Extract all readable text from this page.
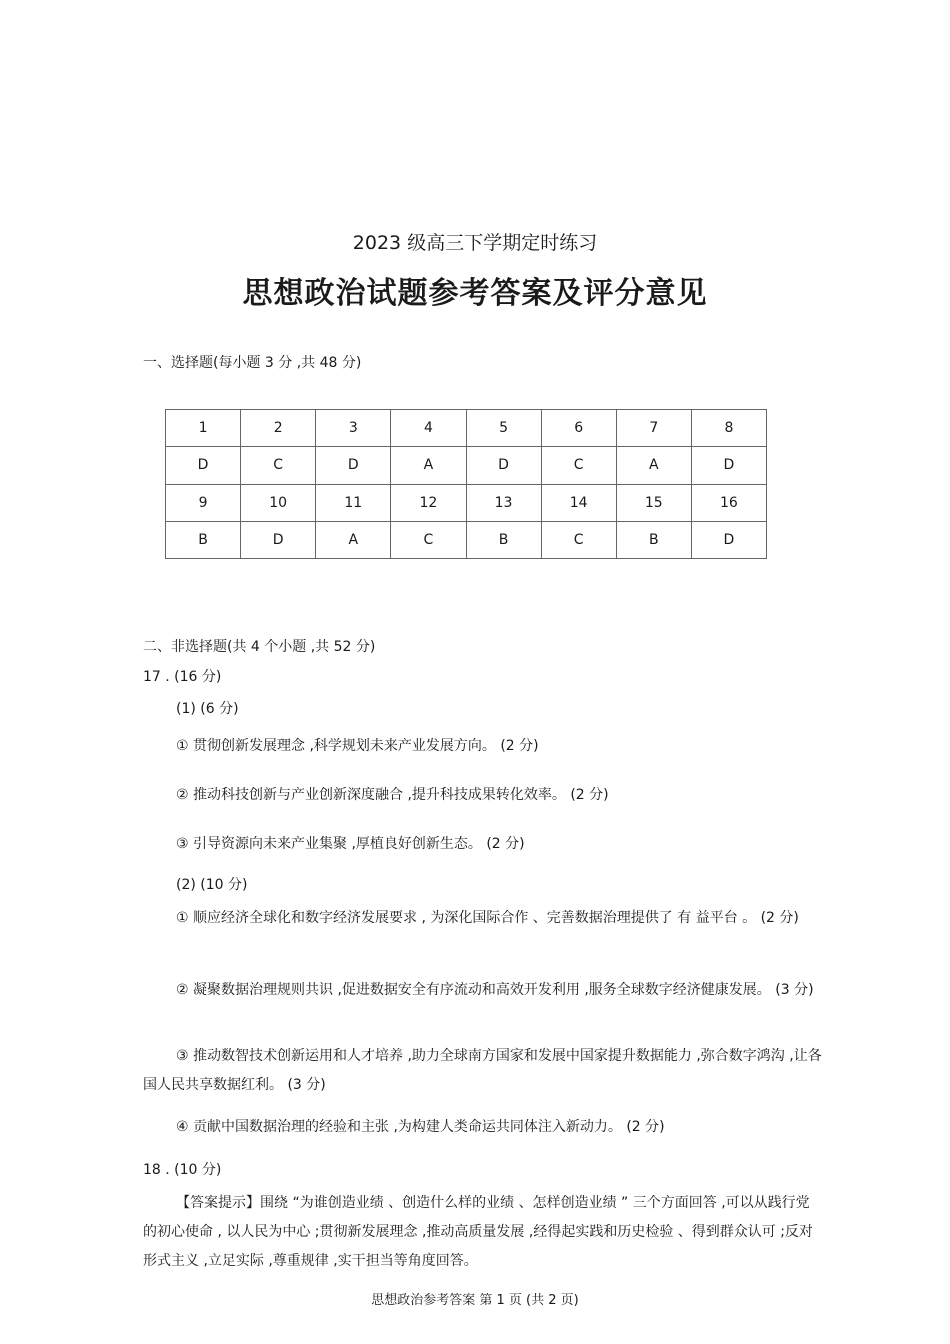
2023 级高三下学期定时练习
思想政治试题参考答案及评分意见
一、选择题(每小题 3 分 ,共 48 分)
1	2	3	4	5	6	7	8
D	C	D	A	D	C	A	D
9	10	11	12	13	14	15	16
B	D	A	C	B	C	B	D
二、非选择题(共 4 个小题 ,共 52 分)
17 . (16 分)
(1) (6 分)
① 贯彻创新发展理念 ,科学规划未来产业发展方向。 (2 分)
② 推动科技创新与产业创新深度融合 ,提升科技成果转化效率。 (2 分)
③ 引导资源向未来产业集聚 ,厚植良好创新生态。 (2 分)
(2) (10 分)
① 顺应经济全球化和数字经济发展要求 , 为深化国际合作 、完善数据治理提供了 有 益平台 。 (2 分)
② 凝聚数据治理规则共识 ,促进数据安全有序流动和高效开发利用 ,服务全球数字经济健康发展。 (3 分)
③ 推动数智技术创新运用和人才培养 ,助力全球南方国家和发展中国家提升数据能力 ,弥合数字鸿沟 ,让各国人民共享数据红利。 (3 分)
④ 贡献中国数据治理的经验和主张 ,为构建人类命运共同体注入新动力。 (2 分)
18 . (10 分)
【答案提示】围绕 “为谁创造业绩 、创造什么样的业绩 、怎样创造业绩 ” 三个方面回答 ,可以从践行党的初心使命 , 以人民为中心 ;贯彻新发展理念 ,推动高质量发展 ,经得起实践和历史检验 、得到群众认可 ;反对形式主义 ,立足实际 ,尊重规律 ,实干担当等角度回答。
思想政治参考答案 第 1 页 (共 2 页)
